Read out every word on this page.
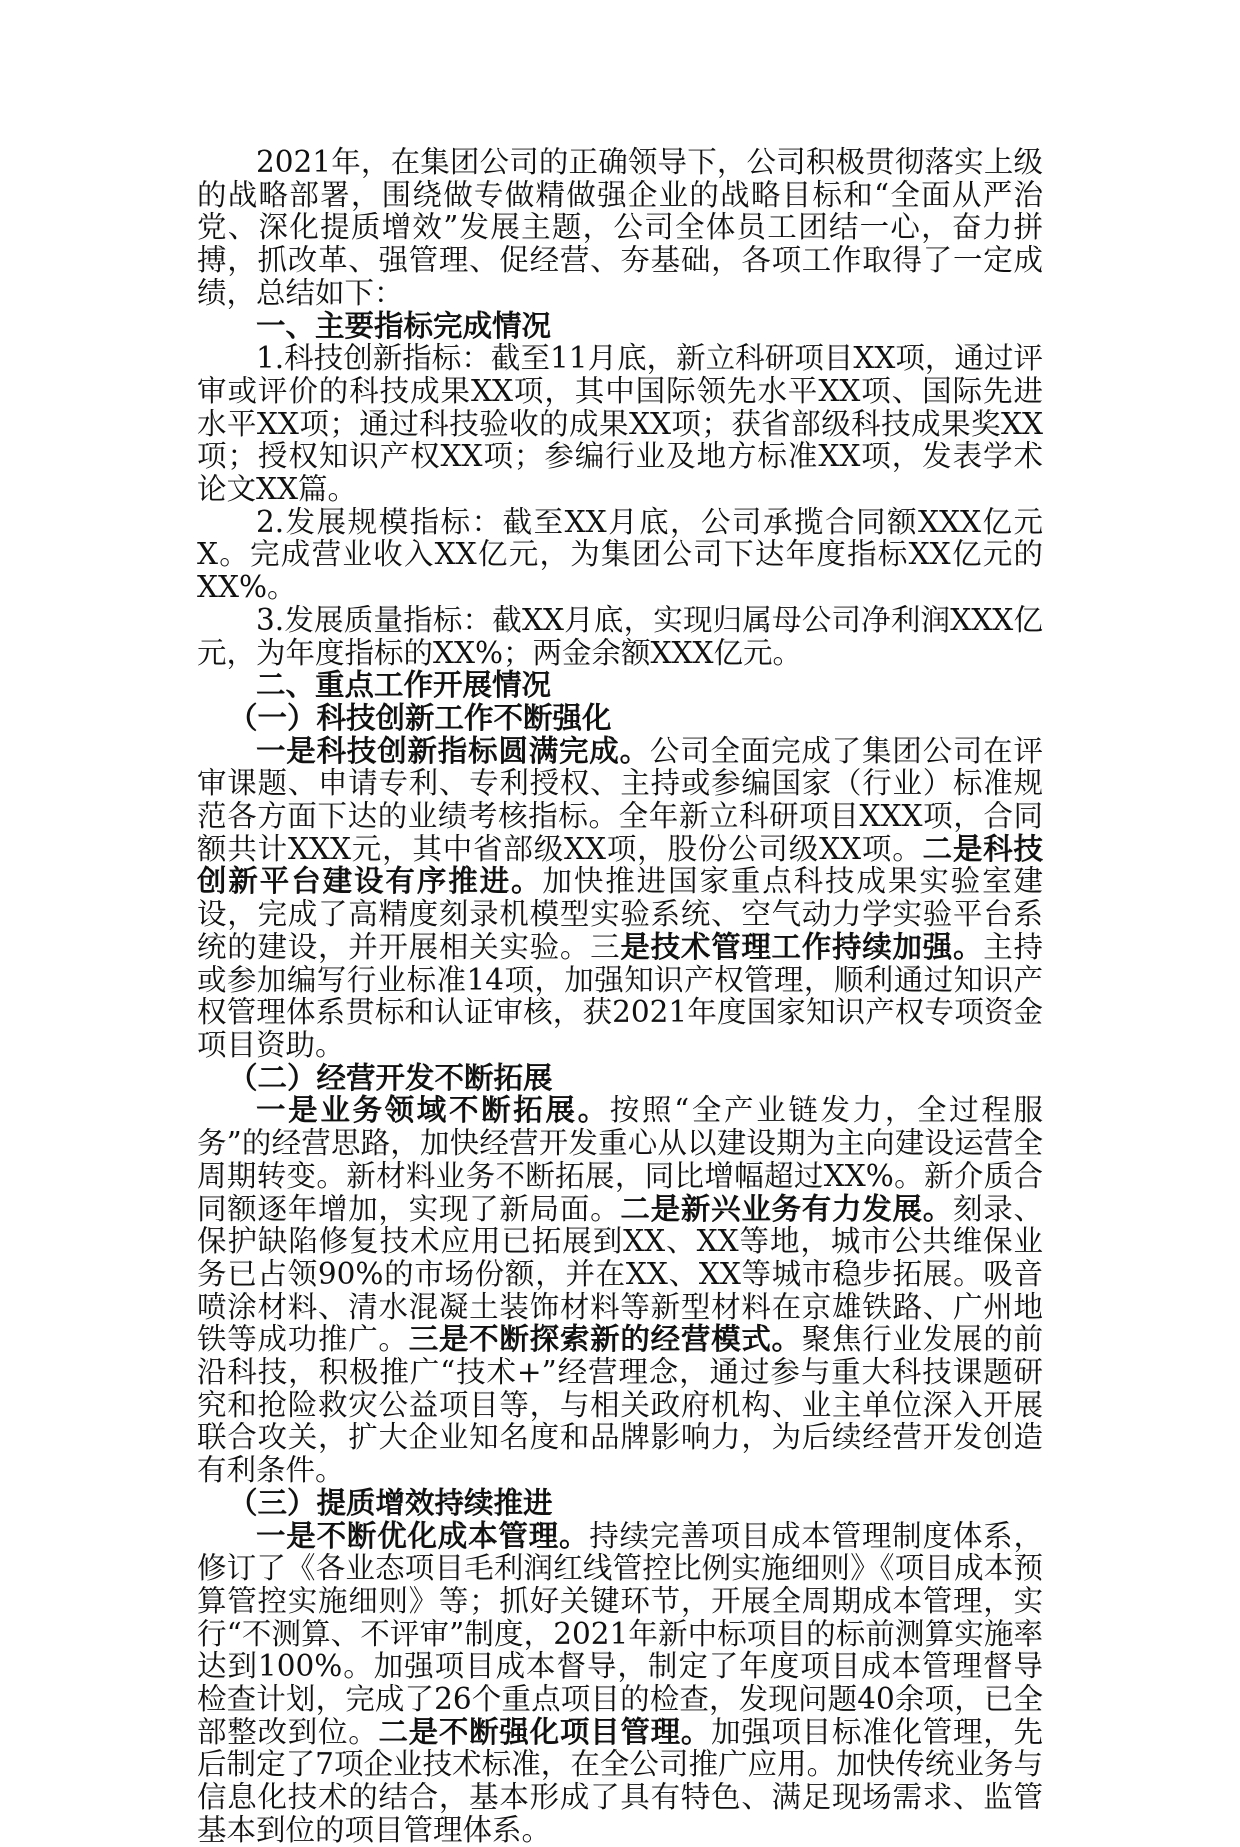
2021年，在集团公司的正确领导下，公司积极贯彻落实上级的战略部署，围绕做专做精做强企业的战略目标和“全面从严治党、深化提质增效”发展主题，公司全体员工团结一心，奋力拼搏，抓改革、强管理、促经营、夯基础，各项工作取得了一定成绩，总结如下：

一、主要指标完成情况

1.科技创新指标：截至11月底，新立科研项目XX项，通过评审或评价的科技成果XX项，其中国际领先水平XX项、国际先进水平XX项；通过科技验收的成果XX项；获省部级科技成果奖XX项；授权知识产权XX项；参编行业及地方标准XX项，发表学术论文XX篇。

2.发展规模指标：截至XX月底，公司承揽合同额XXX亿元X。完成营业收入XX亿元，为集团公司下达年度指标XX亿元的XX%。

3.发展质量指标：截XX月底，实现归属母公司净利润XXX亿元，为年度指标的XX%；两金余额XXX亿元。

二、重点工作开展情况

（一）科技创新工作不断强化

一是科技创新指标圆满完成。公司全面完成了集团公司在评审课题、申请专利、专利授权、主持或参编国家（行业）标准规范各方面下达的业绩考核指标。全年新立科研项目XXX项，合同额共计XXX元，其中省部级XX项，股份公司级XX项。二是科技创新平台建设有序推进。加快推进国家重点科技成果实验室建设，完成了高精度刻录机模型实验系统、空气动力学实验平台系统的建设，并开展相关实验。三是技术管理工作持续加强。主持或参加编写行业标准14项，加强知识产权管理，顺利通过知识产权管理体系贯标和认证审核，获2021年度国家知识产权专项资金项目资助。

（二）经营开发不断拓展

一是业务领域不断拓展。按照“全产业链发力，全过程服务”的经营思路，加快经营开发重心从以建设期为主向建设运营全周期转变。新材料业务不断拓展，同比增幅超过XX%。新介质合同额逐年增加，实现了新局面。二是新兴业务有力发展。刻录、保护缺陷修复技术应用已拓展到XX、XX等地，城市公共维保业务已占领90%的市场份额，并在XX、XX等城市稳步拓展。吸音喷涂材料、清水混凝土装饰材料等新型材料在京雄铁路、广州地铁等成功推广。三是不断探索新的经营模式。聚焦行业发展的前沿科技，积极推广“技术+”经营理念，通过参与重大科技课题研究和抢险救灾公益项目等，与相关政府机构、业主单位深入开展联合攻关，扩大企业知名度和品牌影响力，为后续经营开发创造有利条件。

（三）提质增效持续推进

一是不断优化成本管理。持续完善项目成本管理制度体系，修订了《各业态项目毛利润红线管控比例实施细则》《项目成本预算管控实施细则》等；抓好关键环节，开展全周期成本管理，实行“不测算、不评审”制度，2021年新中标项目的标前测算实施率达到100%。加强项目成本督导，制定了年度项目成本管理督导检查计划，完成了26个重点项目的检查，发现问题40余项，已全部整改到位。二是不断强化项目管理。加强项目标准化管理，先后制定了7项企业技术标准，在全公司推广应用。加快传统业务与信息化技术的结合，基本形成了具有特色、满足现场需求、监管基本到位的项目管理体系。
